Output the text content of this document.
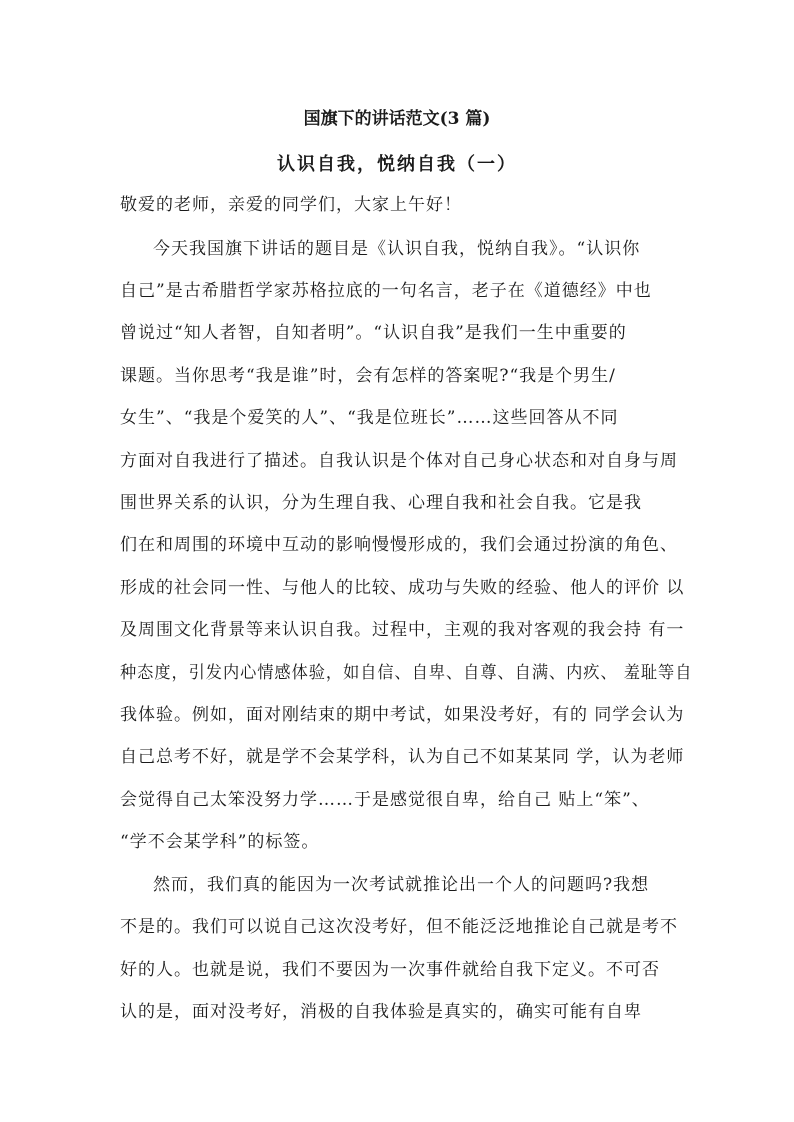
国旗下的讲话范文(3 篇)
认识自我，悦纳自我（一）
敬爱的老师，亲爱的同学们，大家上午好！
今天我国旗下讲话的题目是《认识自我，悦纳自我》。“认识你
自己”是古希腊哲学家苏格拉底的一句名言，老子在《道德经》中也
曾说过“知人者智，自知者明”。“认识自我”是我们一生中重要的
课题。当你思考“我是谁”时，会有怎样的答案呢?“我是个男生/
女生”、“我是个爱笑的人”、“我是位班长”……这些回答从不同
方面对自我进行了描述。自我认识是个体对自己身心状态和对自身与周
围世界关系的认识，分为生理自我、心理自我和社会自我。它是我
们在和周围的环境中互动的影响慢慢形成的，我们会通过扮演的角色、
形成的社会同一性、与他人的比较、成功与失败的经验、他人的评价 以
及周围文化背景等来认识自我。过程中，主观的我对客观的我会持 有一
种态度，引发内心情感体验，如自信、自卑、自尊、自满、内疚、 羞耻等自
我体验。例如，面对刚结束的期中考试，如果没考好，有的 同学会认为
自己总考不好，就是学不会某学科，认为自己不如某某同 学，认为老师
会觉得自己太笨没努力学……于是感觉很自卑，给自己 贴上“笨”、
“学不会某学科”的标签。
然而，我们真的能因为一次考试就推论出一个人的问题吗?我想
不是的。我们可以说自己这次没考好，但不能泛泛地推论自己就是考不
好的人。也就是说，我们不要因为一次事件就给自我下定义。不可否
认的是，面对没考好，消极的自我体验是真实的，确实可能有自卑
